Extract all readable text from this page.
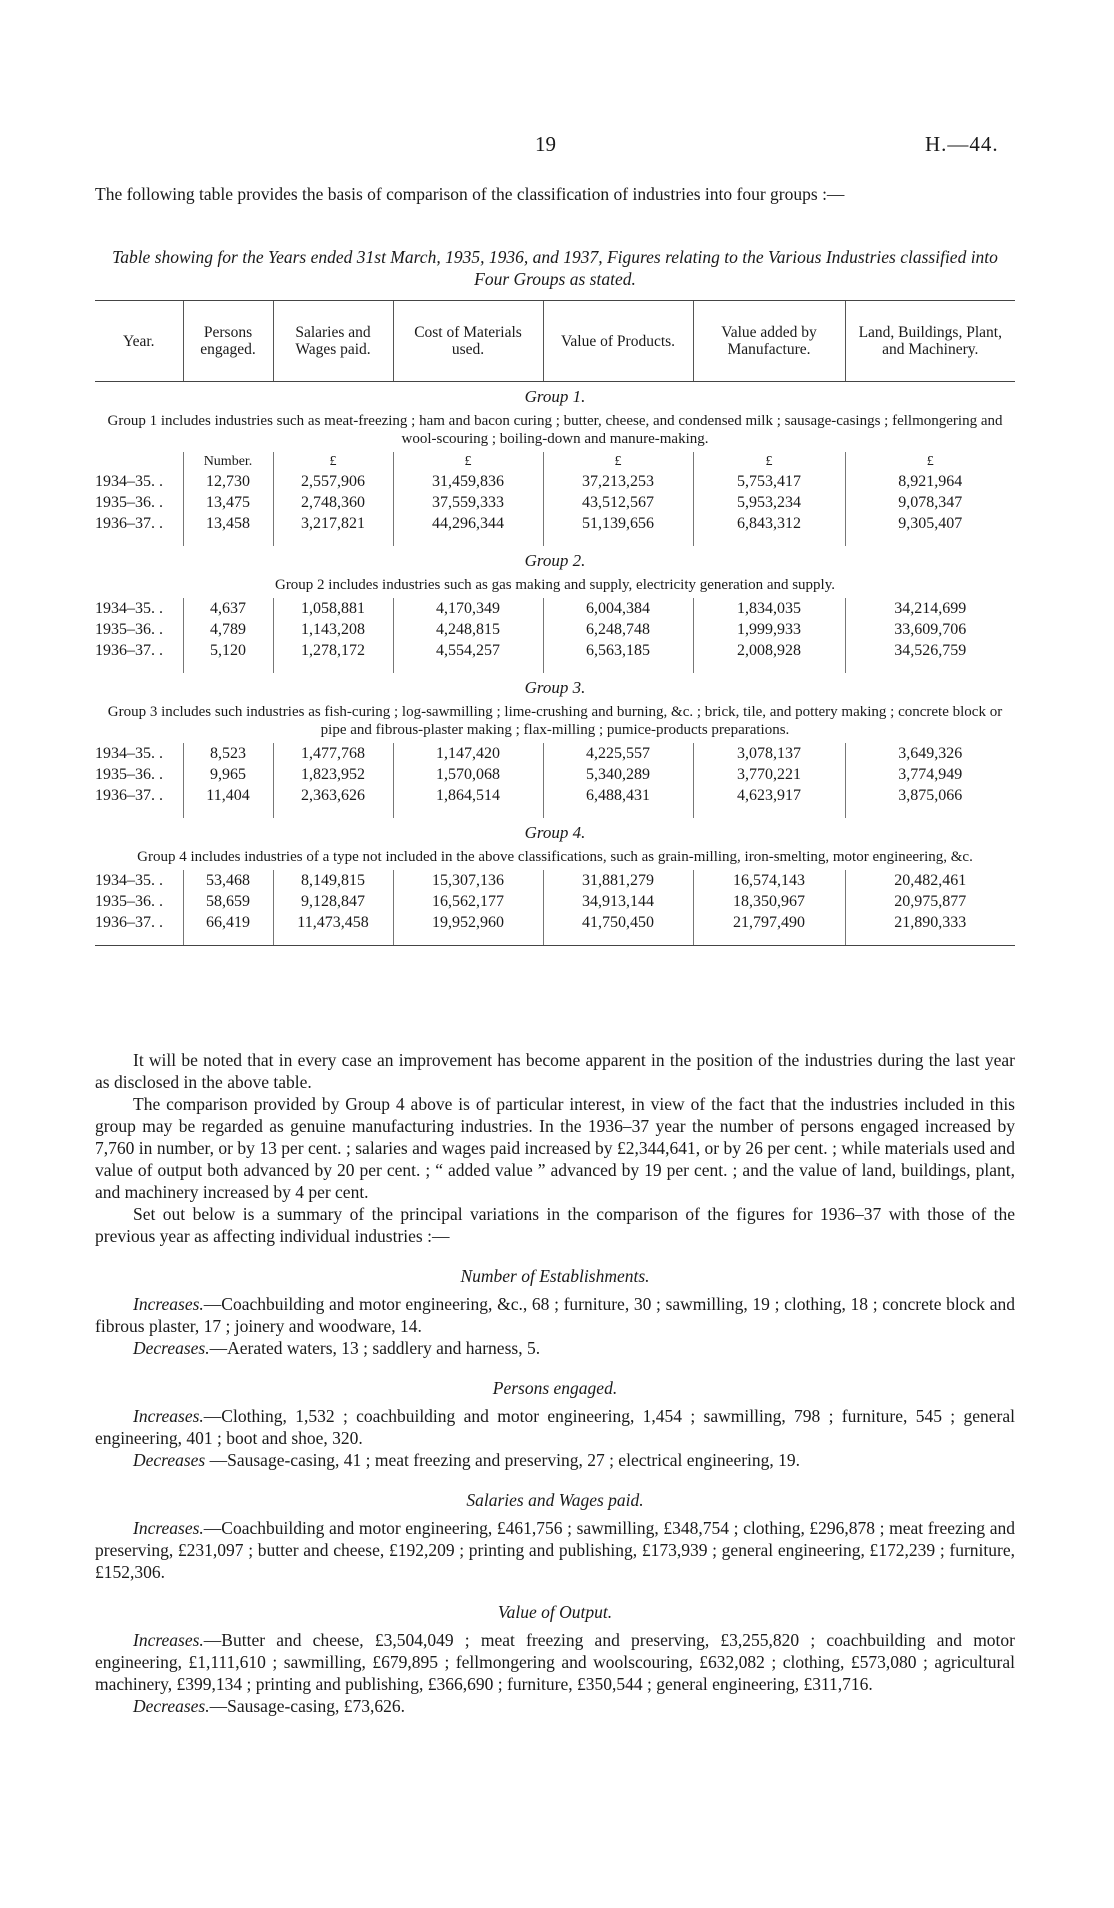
19	H.—44.
The following table provides the basis of comparison of the classification of industries into four groups :—
Table showing for the Years ended 31st March, 1935, 1936, and 1937, Figures relating to the Various Industries classified into Four Groups as stated.
Year.	Persons engaged.	Salaries and Wages paid.	Cost of Materials used.	Value of Products.	Value added by Manufacture.	Land, Buildings, Plant, and Machinery.
Group 1.						
Group 1 includes industries such as meat-freezing ; ham and bacon curing ; butter, cheese, and condensed milk ; sausage-casings ; fellmongering and wool-scouring ; boiling-down and manure-making.						
	Number.	£	£	£	£	£
1934–35. .	12,730	2,557,906	31,459,836	37,213,253	5,753,417	8,921,964
1935–36. .	13,475	2,748,360	37,559,333	43,512,567	5,953,234	9,078,347
1936–37. .	13,458	3,217,821	44,296,344	51,139,656	6,843,312	9,305,407

Group 2.						
Group 2 includes industries such as gas making and supply, electricity generation and supply.						
1934–35. .	4,637	1,058,881	4,170,349	6,004,384	1,834,035	34,214,699
1935–36. .	4,789	1,143,208	4,248,815	6,248,748	1,999,933	33,609,706
1936–37. .	5,120	1,278,172	4,554,257	6,563,185	2,008,928	34,526,759

Group 3.						
Group 3 includes such industries as fish-curing ; log-sawmilling ; lime-crushing and burning, &c. ; brick, tile, and pottery making ; concrete block or pipe and fibrous-plaster making ; flax-milling ; pumice-products preparations.						
1934–35. .	8,523	1,477,768	1,147,420	4,225,557	3,078,137	3,649,326
1935–36. .	9,965	1,823,952	1,570,068	5,340,289	3,770,221	3,774,949
1936–37. .	11,404	2,363,626	1,864,514	6,488,431	4,623,917	3,875,066

Group 4.						
Group 4 includes industries of a type not included in the above classifications, such as grain-milling, iron-smelting, motor engineering, &c.						
1934–35. .	53,468	8,149,815	15,307,136	31,881,279	16,574,143	20,482,461
1935–36. .	58,659	9,128,847	16,562,177	34,913,144	18,350,967	20,975,877
1936–37. .	66,419	11,473,458	19,952,960	41,750,450	21,797,490	21,890,333

It will be noted that in every case an improvement has become apparent in the position of the industries during the last year as disclosed in the above table.

The comparison provided by Group 4 above is of particular interest, in view of the fact that the industries included in this group may be regarded as genuine manufacturing industries. In the 1936–37 year the number of persons engaged increased by 7,760 in number, or by 13 per cent. ; salaries and wages paid increased by £2,344,641, or by 26 per cent. ; while materials used and value of output both advanced by 20 per cent. ; “ added value ” advanced by 19 per cent. ; and the value of land, buildings, plant, and machinery increased by 4 per cent.

Set out below is a summary of the principal variations in the comparison of the figures for 1936–37 with those of the previous year as affecting individual industries :—

Number of Establishments.

Increases.—Coachbuilding and motor engineering, &c., 68 ; furniture, 30 ; sawmilling, 19 ; clothing, 18 ; concrete block and fibrous plaster, 17 ; joinery and woodware, 14.

Decreases.—Aerated waters, 13 ; saddlery and harness, 5.

Persons engaged.

Increases.—Clothing, 1,532 ; coachbuilding and motor engineering, 1,454 ; sawmilling, 798 ; furniture, 545 ; general engineering, 401 ; boot and shoe, 320.

Decreases —Sausage-casing, 41 ; meat freezing and preserving, 27 ; electrical engineering, 19.

Salaries and Wages paid.

Increases.—Coachbuilding and motor engineering, £461,756 ; sawmilling, £348,754 ; clothing, £296,878 ; meat freezing and preserving, £231,097 ; butter and cheese, £192,209 ; printing and publishing, £173,939 ; general engineering, £172,239 ; furniture, £152,306.

Value of Output.

Increases.—Butter and cheese, £3,504,049 ; meat freezing and preserving, £3,255,820 ; coachbuilding and motor engineering, £1,111,610 ; sawmilling, £679,895 ; fellmongering and woolscouring, £632,082 ; clothing, £573,080 ; agricultural machinery, £399,134 ; printing and publishing, £366,690 ; furniture, £350,544 ; general engineering, £311,716.

Decreases.—Sausage-casing, £73,626.
